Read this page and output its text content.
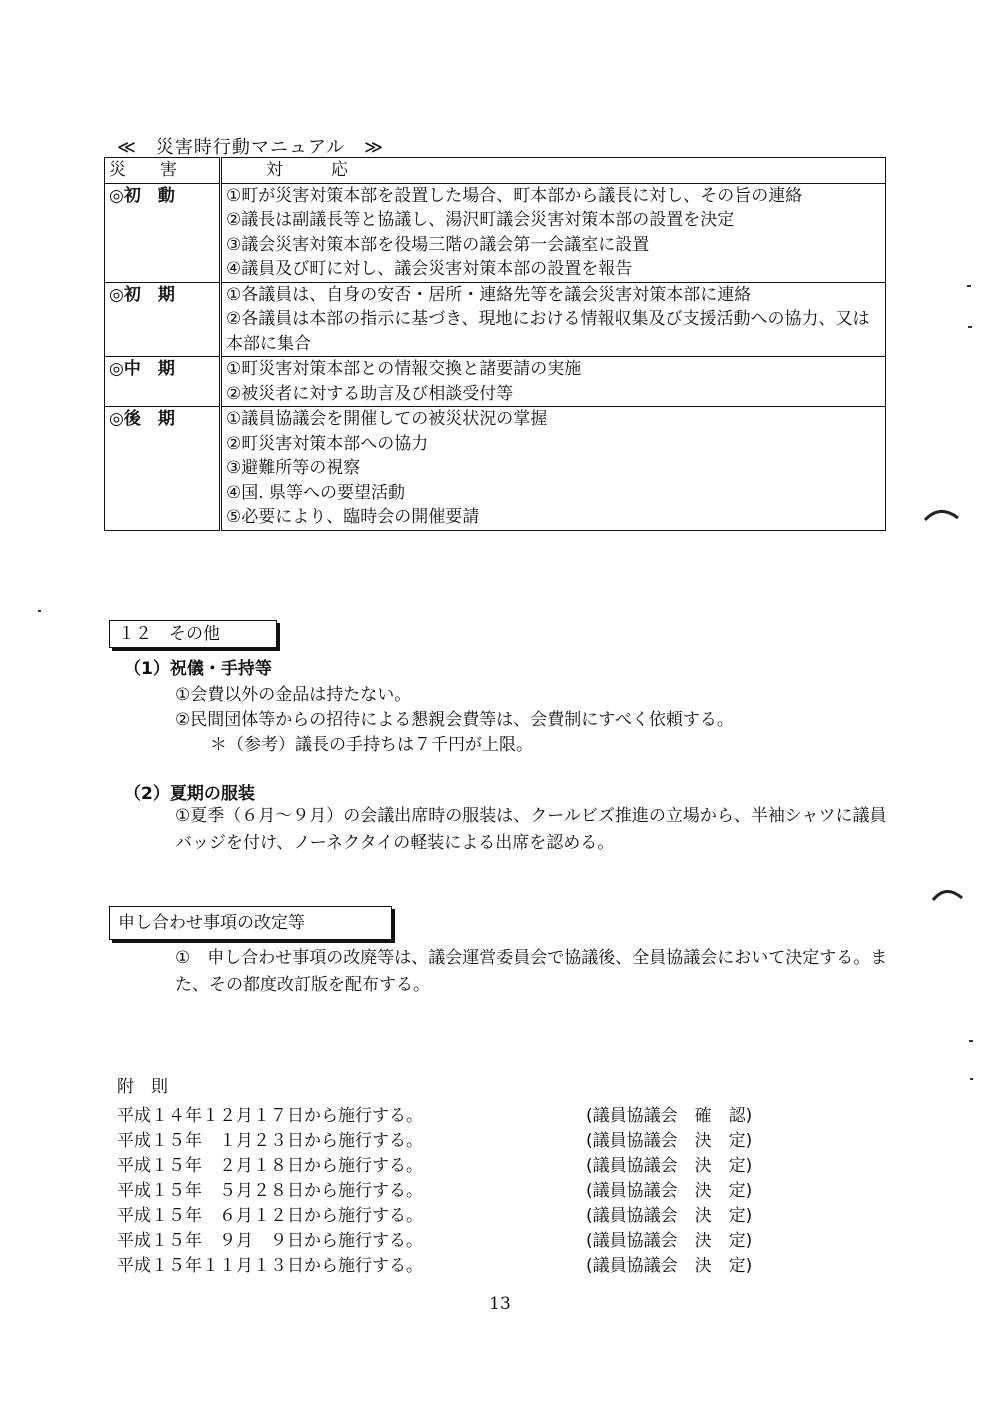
≪　災害時行動マニュアル　≫
災　　害	対応
◎初　動	①町が災害対策本部を設置した場合、町本部から議長に対し、その旨の連絡
②議長は副議長等と協議し、湯沢町議会災害対策本部の設置を決定
③議会災害対策本部を役場三階の議会第一会議室に設置
④議員及び町に対し、議会災害対策本部の設置を報告

◎初　期	①各議員は、自身の安否・居所・連絡先等を議会災害対策本部に連絡
②各議員は本部の指示に基づき、現地における情報収集及び支援活動への協力、又は本部に集合

◎中　期	①町災害対策本部との情報交換と諸要請の実施
②被災者に対する助言及び相談受付等

◎後　期	①議員協議会を開催しての被災状況の掌握
②町災害対策本部への協力
③避難所等の視察
④国. 県等への要望活動
⑤必要により、臨時会の開催要請
１２　その他
（1）祝儀・手持等
①会費以外の金品は持たない。
②民間団体等からの招待による懇親会費等は、会費制にすべく依頼する。
＊（参考）議長の手持ちは７千円が上限。
（2）夏期の服装
①夏季（６月～９月）の会議出席時の服装は、クールビズ推進の立場から、半袖シャツに議員バッジを付け、ノーネクタイの軽装による出席を認める。
申し合わせ事項の改定等
①　申し合わせ事項の改廃等は、議会運営委員会で協議後、全員協議会において決定する。また、その都度改訂版を配布する。
附　則
平成１４年１２月１７日から施行する。	(議員協議会　確　認)
平成１５年　１月２３日から施行する。	(議員協議会　決　定)
平成１５年　２月１８日から施行する。	(議員協議会　決　定)
平成１５年　５月２８日から施行する。	(議員協議会　決　定)
平成１５年　６月１２日から施行する。	(議員協議会　決　定)
平成１５年　９月　９日から施行する。	(議員協議会　決　定)
平成１５年１１月１３日から施行する。	(議員協議会　決　定)
13
